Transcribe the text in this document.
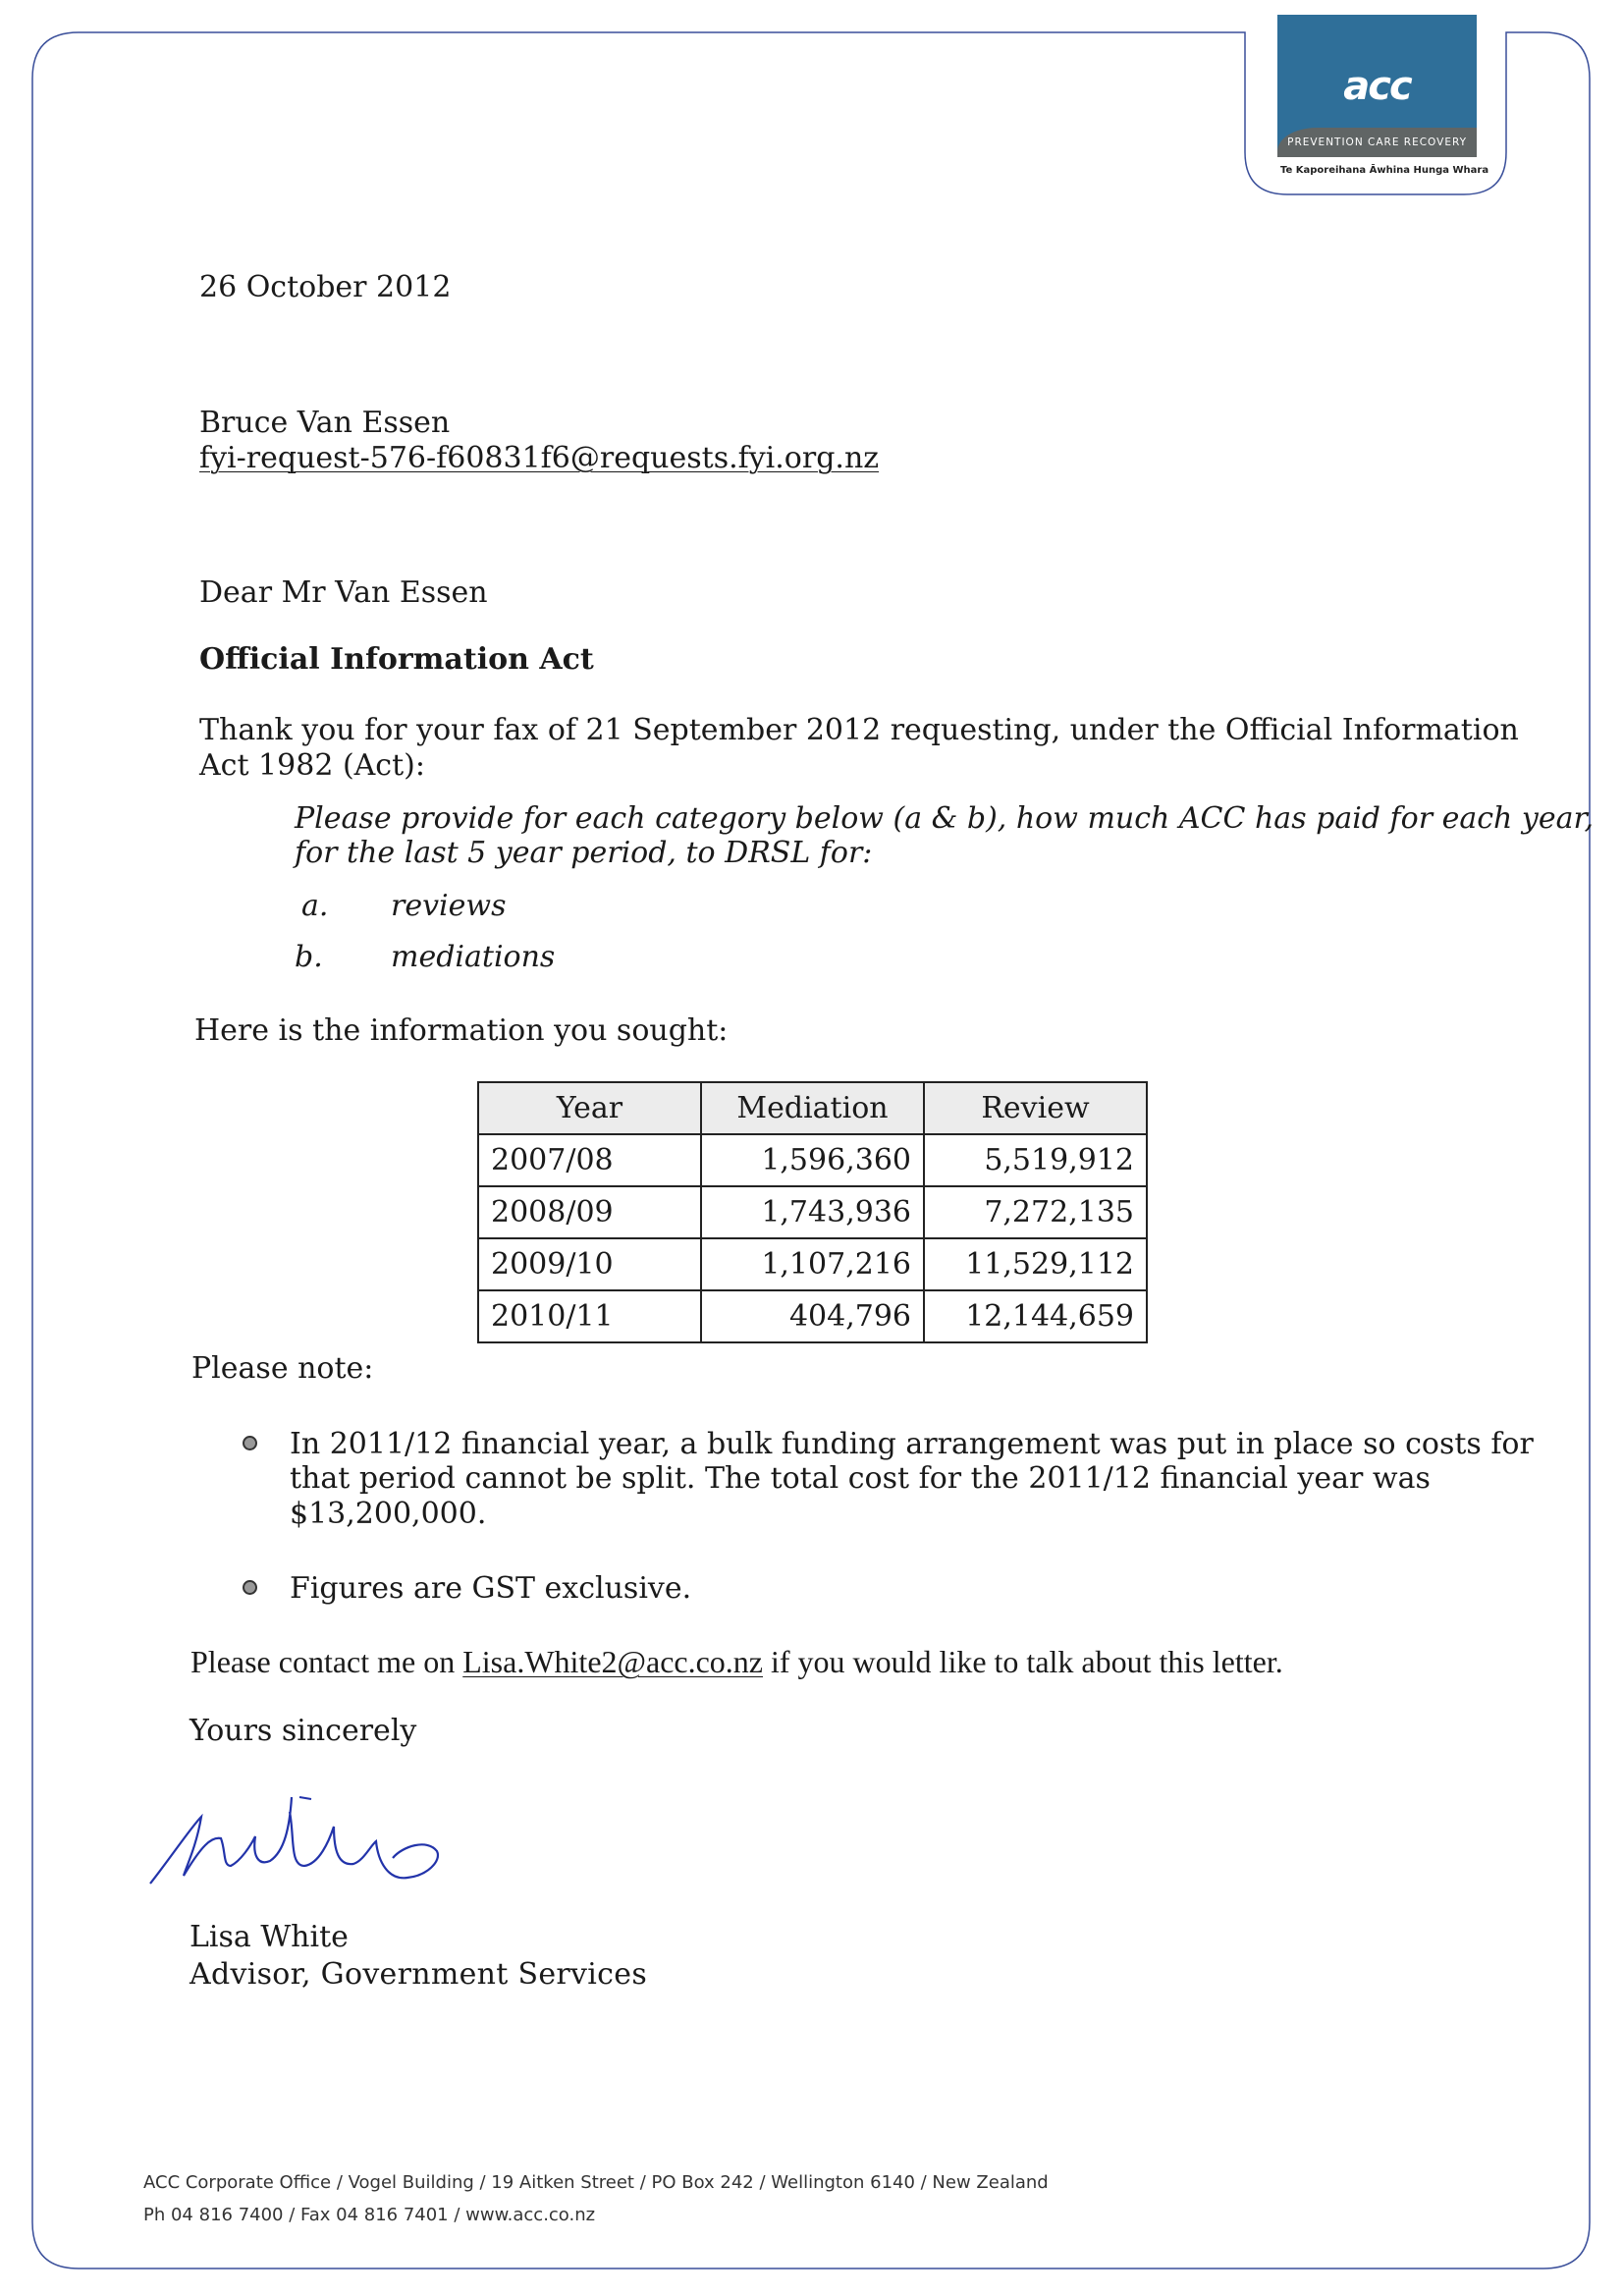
acc
PREVENTION CARE RECOVERY
Te Kaporeihana Āwhina Hunga Whara
26 October 2012
Bruce Van Essen
fyi-request-576-f60831f6@requests.fyi.org.nz
Dear Mr Van Essen
Official Information Act
Thank you for your fax of 21 September 2012 requesting, under the Official Information
Act 1982 (Act):
Please provide for each category below (a & b), how much ACC has paid for each year,
for the last 5 year period, to DRSL for:
a. reviews
b. mediations
Here is the information you sought:
Year	Mediation	Review
2007/08	1,596,360	5,519,912
2008/09	1,743,936	7,272,135
2009/10	1,107,216	11,529,112
2010/11	404,796	12,144,659
Please note:
In 2011/12 financial year, a bulk funding arrangement was put in place so costs for
that period cannot be split. The total cost for the 2011/12 financial year was
$13,200,000.
Figures are GST exclusive.
Please contact me on Lisa.White2@acc.co.nz if you would like to talk about this letter.
Yours sincerely
Lisa White
Advisor, Government Services
ACC Corporate Office / Vogel Building / 19 Aitken Street / PO Box 242 / Wellington 6140 / New Zealand
Ph 04 816 7400 / Fax 04 816 7401 / www.acc.co.nz
